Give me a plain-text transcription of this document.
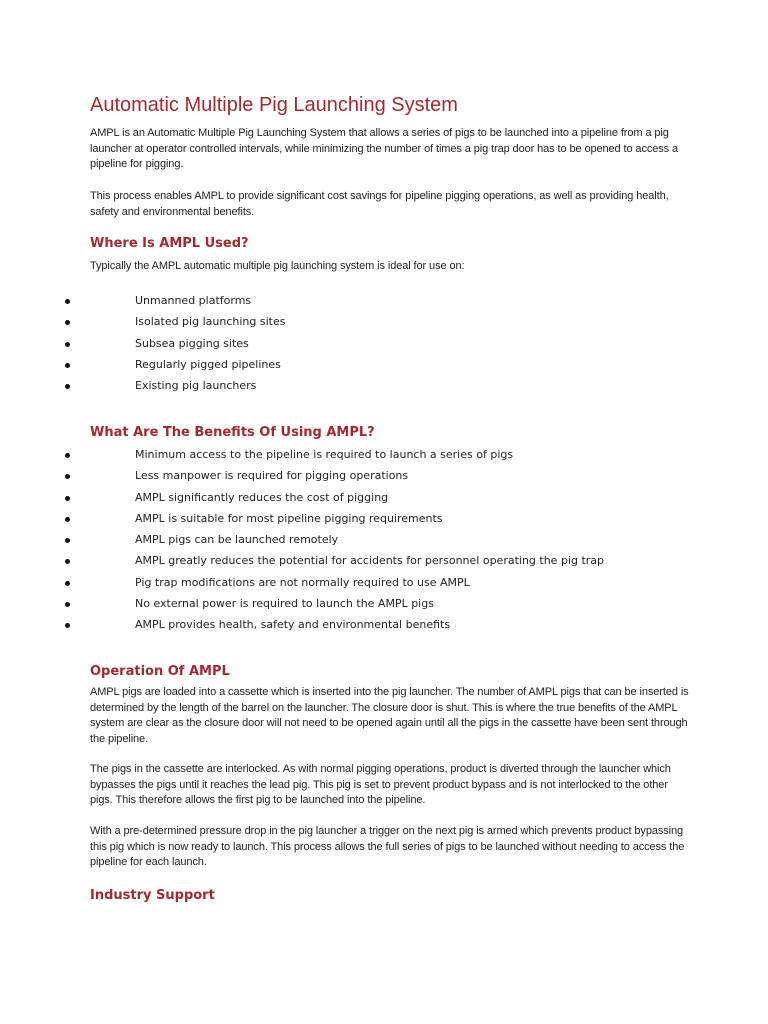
Automatic Multiple Pig Launching System

AMPL is an Automatic Multiple Pig Launching System that allows a series of pigs to be launched into a pipeline from a pig launcher at operator controlled intervals, while minimizing the number of times a pig trap door has to be opened to access a pipeline for pigging.

This process enables AMPL to provide significant cost savings for pipeline pigging operations, as well as providing health, safety and environmental benefits.

Where Is AMPL Used?

Typically the AMPL automatic multiple pig launching system is ideal for use on:

Unmanned platforms
Isolated pig launching sites
Subsea pigging sites
Regularly pigged pipelines
Existing pig launchers
What Are The Benefits Of Using AMPL?
Minimum access to the pipeline is required to launch a series of pigs
Less manpower is required for pigging operations
AMPL significantly reduces the cost of pigging
AMPL is suitable for most pipeline pigging requirements
AMPL pigs can be launched remotely
AMPL greatly reduces the potential for accidents for personnel operating the pig trap
Pig trap modifications are not normally required to use AMPL
No external power is required to launch the AMPL pigs
AMPL provides health, safety and environmental benefits
Operation Of AMPL

AMPL pigs are loaded into a cassette which is inserted into the pig launcher. The number of AMPL pigs that can be inserted is determined by the length of the barrel on the launcher. The closure door is shut. This is where the true benefits of the AMPL system are clear as the closure door will not need to be opened again until all the pigs in the cassette have been sent through the pipeline.

The pigs in the cassette are interlocked. As with normal pigging operations, product is diverted through the launcher which bypasses the pigs until it reaches the lead pig. This pig is set to prevent product bypass and is not interlocked to the other pigs. This therefore allows the first pig to be launched into the pipeline.

With a pre-determined pressure drop in the pig launcher a trigger on the next pig is armed which prevents product bypassing this pig which is now ready to launch. This process allows the full series of pigs to be launched without needing to access the pipeline for each launch.

Industry Support
